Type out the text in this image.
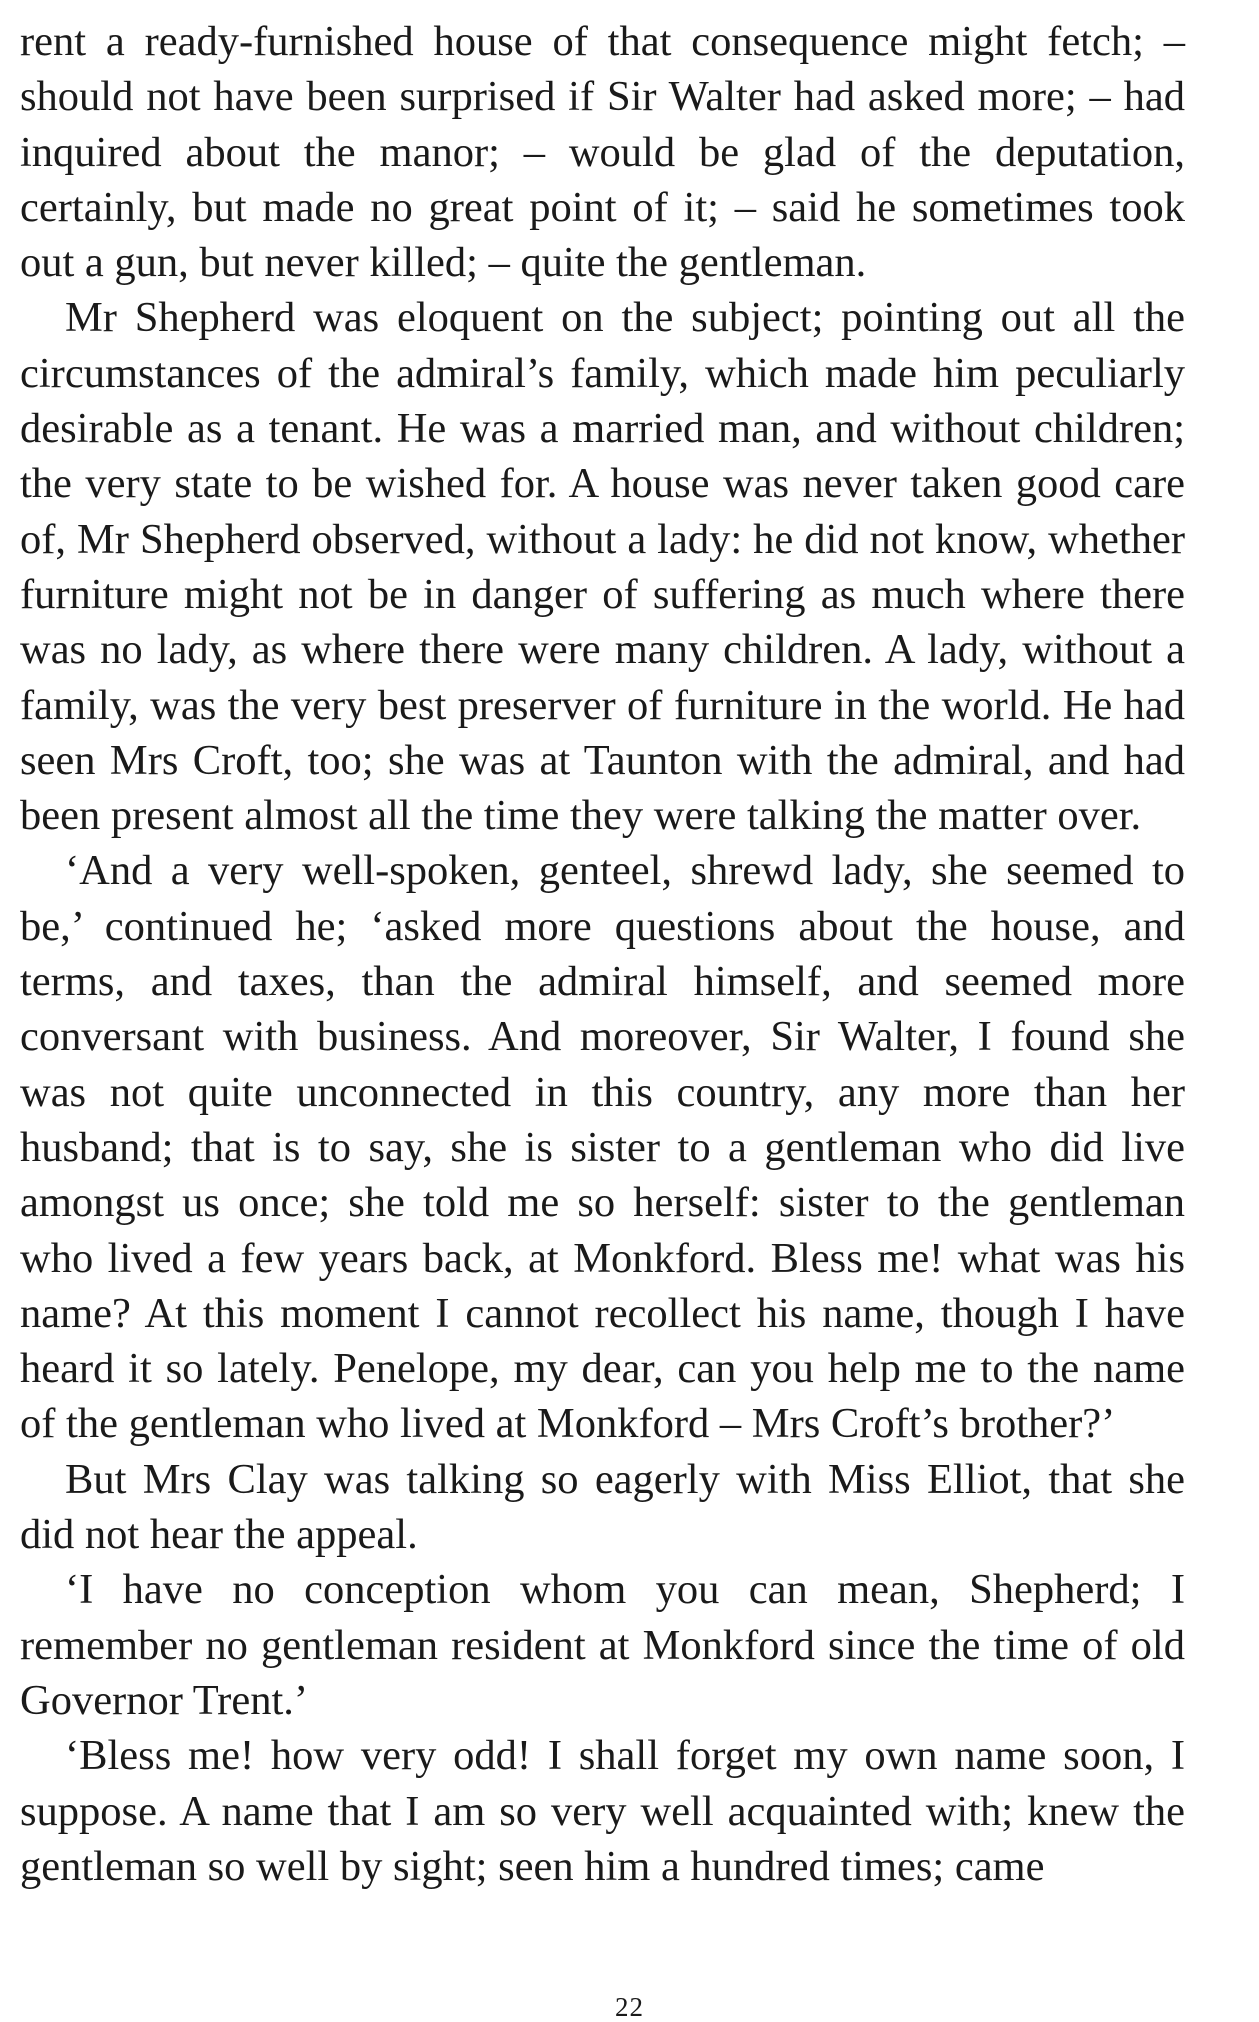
rent a ready-furnished house of that consequence might fetch; – should not have been surprised if Sir Walter had asked more; – had inquired about the manor; – would be glad of the deputation, certainly, but made no great point of it; – said he sometimes took out a gun, but never killed; – quite the gentleman.

Mr Shepherd was eloquent on the subject; pointing out all the circumstances of the admiral’s family, which made him peculiarly desirable as a tenant. He was a married man, and without children; the very state to be wished for. A house was never taken good care of, Mr Shepherd observed, without a lady: he did not know, whether furniture might not be in danger of suffering as much where there was no lady, as where there were many children. A lady, without a family, was the very best preserver of furniture in the world. He had seen Mrs Croft, too; she was at Taunton with the admiral, and had been present almost all the time they were talking the matter over.

‘And a very well-spoken, genteel, shrewd lady, she seemed to be,’ continued he; ‘asked more questions about the house, and terms, and taxes, than the admiral himself, and seemed more conversant with business. And moreover, Sir Walter, I found she was not quite unconnected in this country, any more than her husband; that is to say, she is sister to a gentleman who did live amongst us once; she told me so herself: sister to the gentleman who lived a few years back, at Monkford. Bless me! what was his name? At this moment I cannot recollect his name, though I have heard it so lately. Penelope, my dear, can you help me to the name of the gentleman who lived at Monkford – Mrs Croft’s brother?’

But Mrs Clay was talking so eagerly with Miss Elliot, that she did not hear the appeal.

‘I have no conception whom you can mean, Shepherd; I remember no gentleman resident at Monkford since the time of old Governor Trent.’

‘Bless me! how very odd! I shall forget my own name soon, I suppose. A name that I am so very well acquainted with; knew the gentleman so well by sight; seen him a hundred times; came

22
